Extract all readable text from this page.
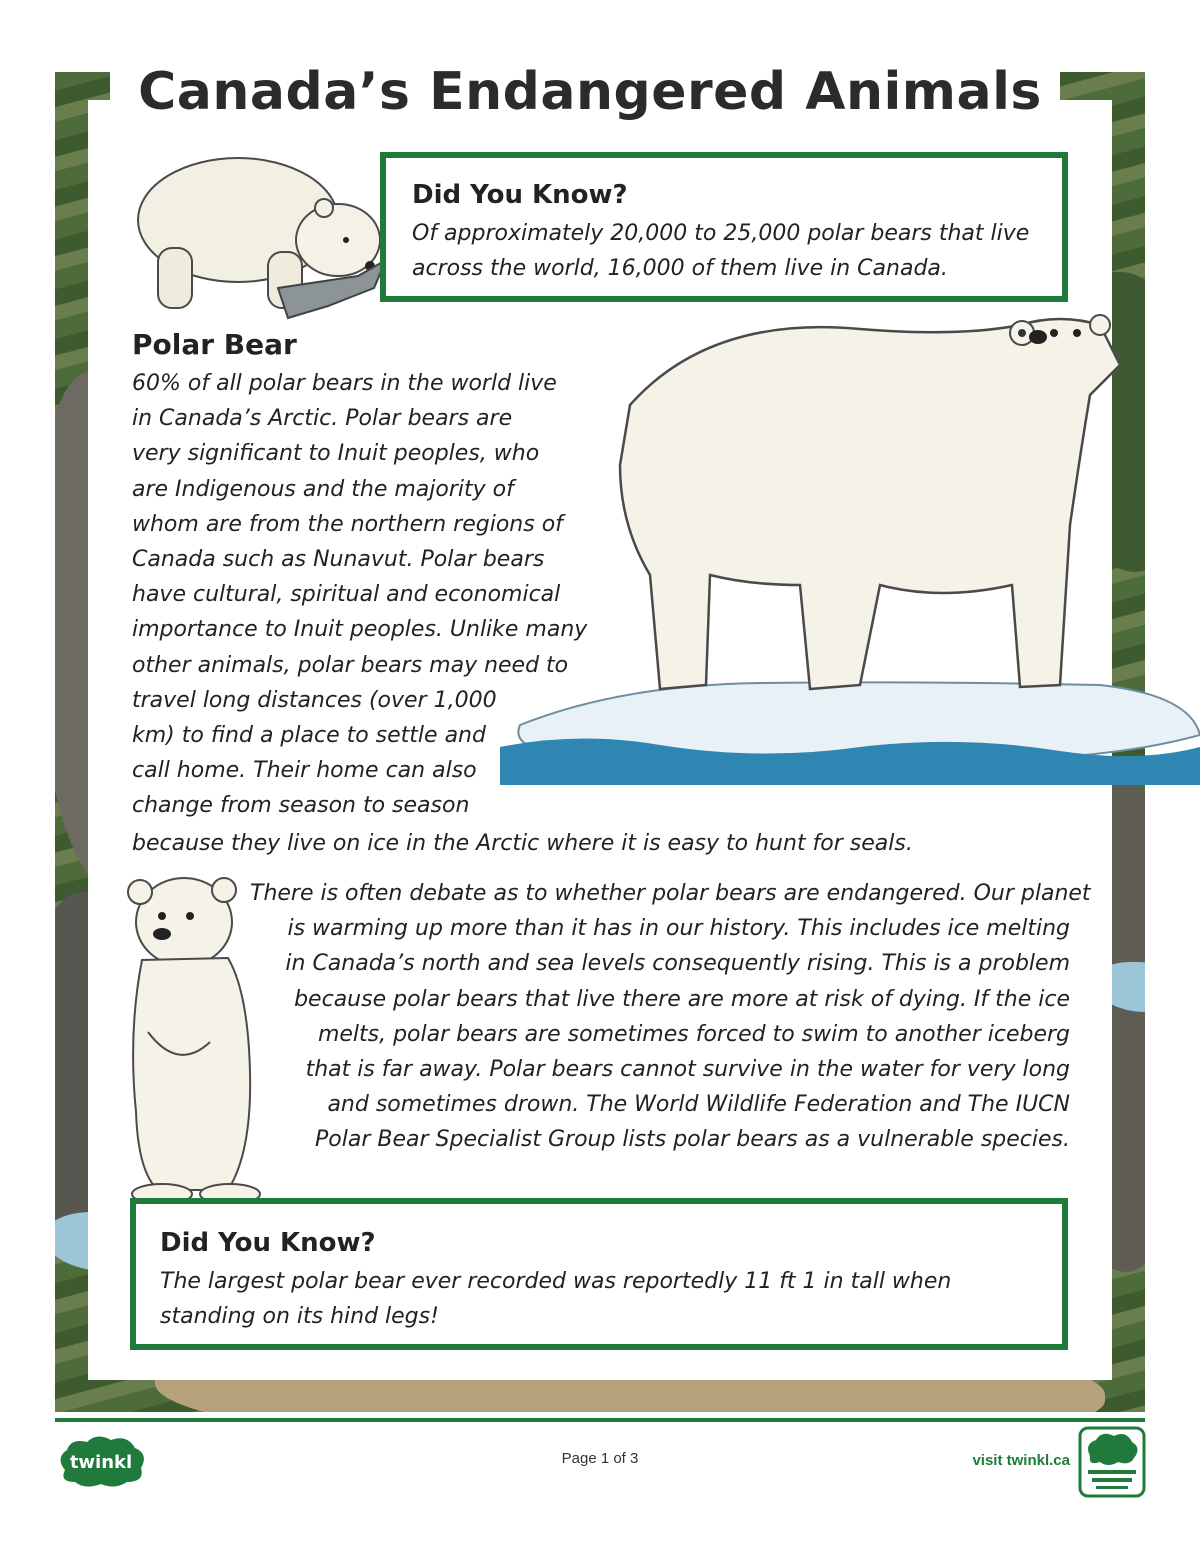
Canada’s Endangered Animals
Did You Know?
Of approximately 20,000 to 25,000 polar bears that live across the world, 16,000 of them live in Canada.
Polar Bear
60% of all polar bears in the world live
in Canada’s Arctic. Polar bears are
very significant to Inuit peoples, who
are Indigenous and the majority of
whom are from the northern regions of
Canada such as Nunavut. Polar bears
have cultural, spiritual and economical
importance to Inuit peoples. Unlike many
other animals, polar bears may need to
travel long distances (over 1,000
km) to find a place to settle and
call home. Their home can also
change from season to season
because they live on ice in the Arctic where it is easy to hunt for seals.
There is often debate as to whether polar bears are endangered. Our planet
is warming up more than it has in our history. This includes ice melting
in Canada’s north and sea levels consequently rising. This is a problem
because polar bears that live there are more at risk of dying. If the ice
melts, polar bears are sometimes forced to swim to another iceberg
that is far away. Polar bears cannot survive in the water for very long
and sometimes drown. The World Wildlife Federation and The IUCN
Polar Bear Specialist Group lists polar bears as a vulnerable species.
Did You Know?
The largest polar bear ever recorded was reportedly 11 ft 1 in tall when standing on its hind legs!
twinkl	Page 1 of 3	visit twinkl.ca
